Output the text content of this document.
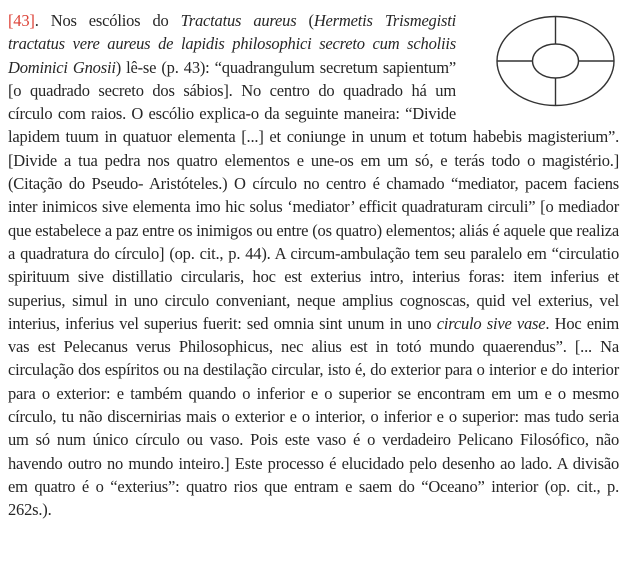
[43]. Nos escólios do Tractatus aureus (Hermetis Trismegisti tractatus vere aureus de lapidis philosophici secreto cum scholiis Dominici Gnosii) lê-se (p. 43): “quadrangulum secretum sapientum” [o quadrado secreto dos sábios]. No centro do quadrado há um círculo com raios. O escólio explica-o da seguinte maneira: “Divide lapidem tuum in quatuor elementa [...] et coniunge in unum et totum habebis magisterium”. [Divide a tua pedra nos quatro elementos e une-os em um só, e terás todo o magistério.] (Citação do Pseudo- Aristóteles.) O círculo no centro é chamado “mediator, pacem faciens inter inimicos sive elementa imo hic solus ‘mediator’ efficit quadraturam circuli” [o mediador que estabelece a paz entre os inimigos ou entre (os quatro) elementos; aliás é aquele que realiza a quadratura do círculo] (op. cit., p. 44). A circum-ambulação tem seu paralelo em “circulatio spirituum sive distillatio circularis, hoc est exterius intro, interius foras: item inferius et superius, simul in uno circulo conveniant, neque amplius cognoscas, quid vel exterius, vel interius, inferius vel superius fuerit: sed omnia sint unum in uno circulo sive vase. Hoc enim vas est Pelecanus verus Philosophicus, nec alius est in totó mundo quaerendus”. [... Na circulação dos espíritos ou na destilação circular, isto é, do exterior para o interior e do interior para o exterior: e também quando o inferior e o superior se encontram em um e o mesmo círculo, tu não discernirias mais o exterior e o interior, o inferior e o superior: mas tudo seria um só num único círculo ou vaso. Pois este vaso é o verdadeiro Pelicano Filosófico, não havendo outro no mundo inteiro.] Este processo é elucidado pelo desenho ao lado. A divisão em quatro é o “exterius”: quatro rios que entram e saem do “Oceano” interior (op. cit., p. 262s.).
